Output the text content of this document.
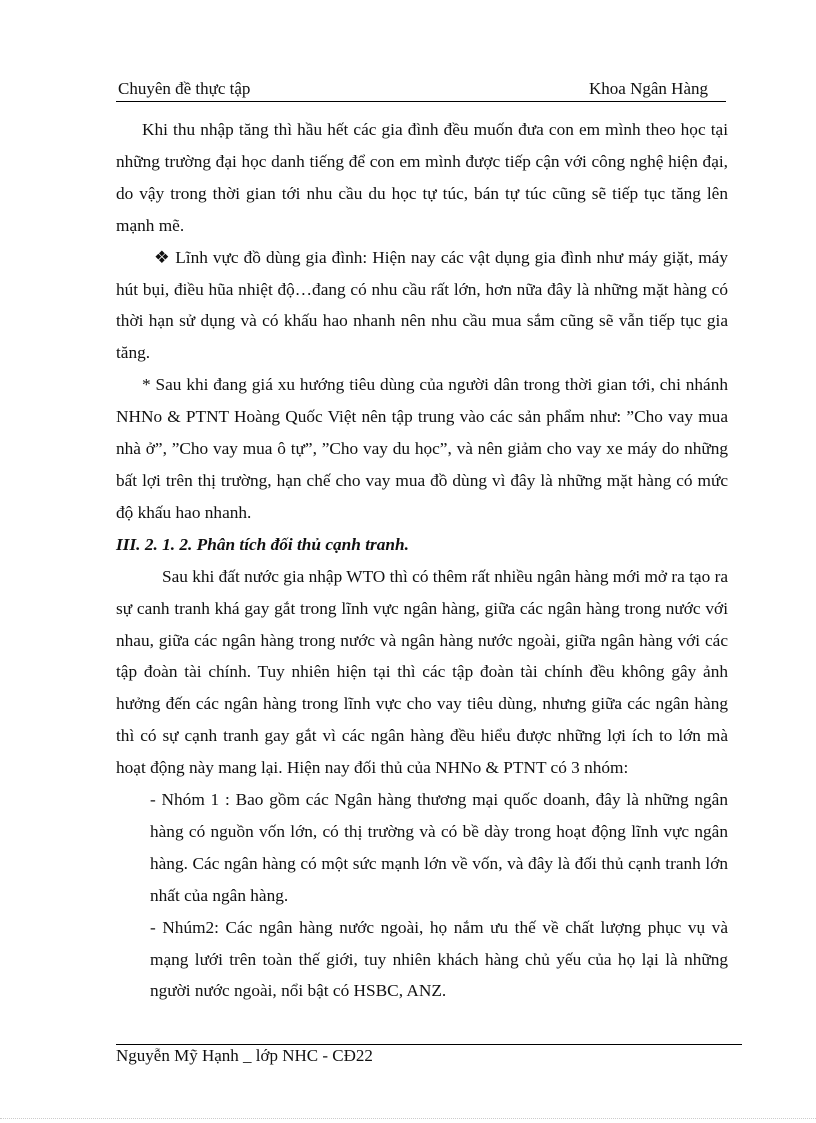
Chuyên đề thực tập	Khoa Ngân Hàng

Khi thu nhập tăng thì hầu hết các gia đình đều muốn đưa con em mình theo học tại những trường đại học danh tiếng để con em mình được tiếp cận với công nghệ hiện đại, do vậy trong thời gian tới nhu cầu du học tự túc, bán tự túc cũng sẽ tiếp tục tăng lên mạnh mẽ.

❖ Lĩnh vực đồ dùng gia đình: Hiện nay các vật dụng gia đình như máy giặt, máy hút bụi, điều hũa nhiệt độ…đang có nhu cầu rất lớn, hơn nữa đây là những mặt hàng có thời hạn sử dụng và có khấu hao nhanh nên nhu cầu mua sắm cũng sẽ vẫn tiếp tục gia tăng.

* Sau khi đang giá xu hướng tiêu dùng của người dân trong thời gian tới, chi nhánh NHNo & PTNT Hoàng Quốc Việt nên tập trung vào các sản phẩm như: ”Cho vay mua nhà ở”, ”Cho vay mua ô tự”, ”Cho vay du học”, và nên giảm cho vay xe máy do những bất lợi trên thị trường, hạn chế cho vay mua đồ dùng vì đây là những mặt hàng có mức độ khấu hao nhanh.

III. 2. 1. 2. Phân tích đối thủ cạnh tranh.

Sau khi đất nước gia nhập WTO thì có thêm rất nhiều ngân hàng mới mở ra tạo ra sự canh tranh khá gay gắt trong lĩnh vực ngân hàng, giữa các ngân hàng trong nước với nhau, giữa các ngân hàng trong nước và ngân hàng nước ngoài, giữa ngân hàng với các tập đoàn tài chính. Tuy nhiên hiện tại thì các tập đoàn tài chính đều không gây ảnh hưởng đến các ngân hàng trong lĩnh vực cho vay tiêu dùng, nhưng giữa các ngân hàng thì có sự cạnh tranh gay gắt vì các ngân hàng đều hiểu được những lợi ích to lớn mà hoạt động này mang lại. Hiện nay đối thủ của NHNo & PTNT có 3 nhóm:

- Nhóm 1 : Bao gồm các Ngân hàng thương mại quốc doanh, đây là những ngân hàng có nguồn vốn lớn, có thị trường và có bề dày trong hoạt động lĩnh vực ngân hàng. Các ngân hàng có một sức mạnh lớn về vốn, và đây là đối thủ cạnh tranh lớn nhất của ngân hàng.

- Nhúm2: Các ngân hàng nước ngoài, họ nắm ưu thế về chất lượng phục vụ và mạng lưới trên toàn thế giới, tuy nhiên khách hàng chủ yếu của họ lại là những người nước ngoài, nổi bật có HSBC, ANZ.

Nguyễn Mỹ Hạnh _ lớp NHC - CĐ22
